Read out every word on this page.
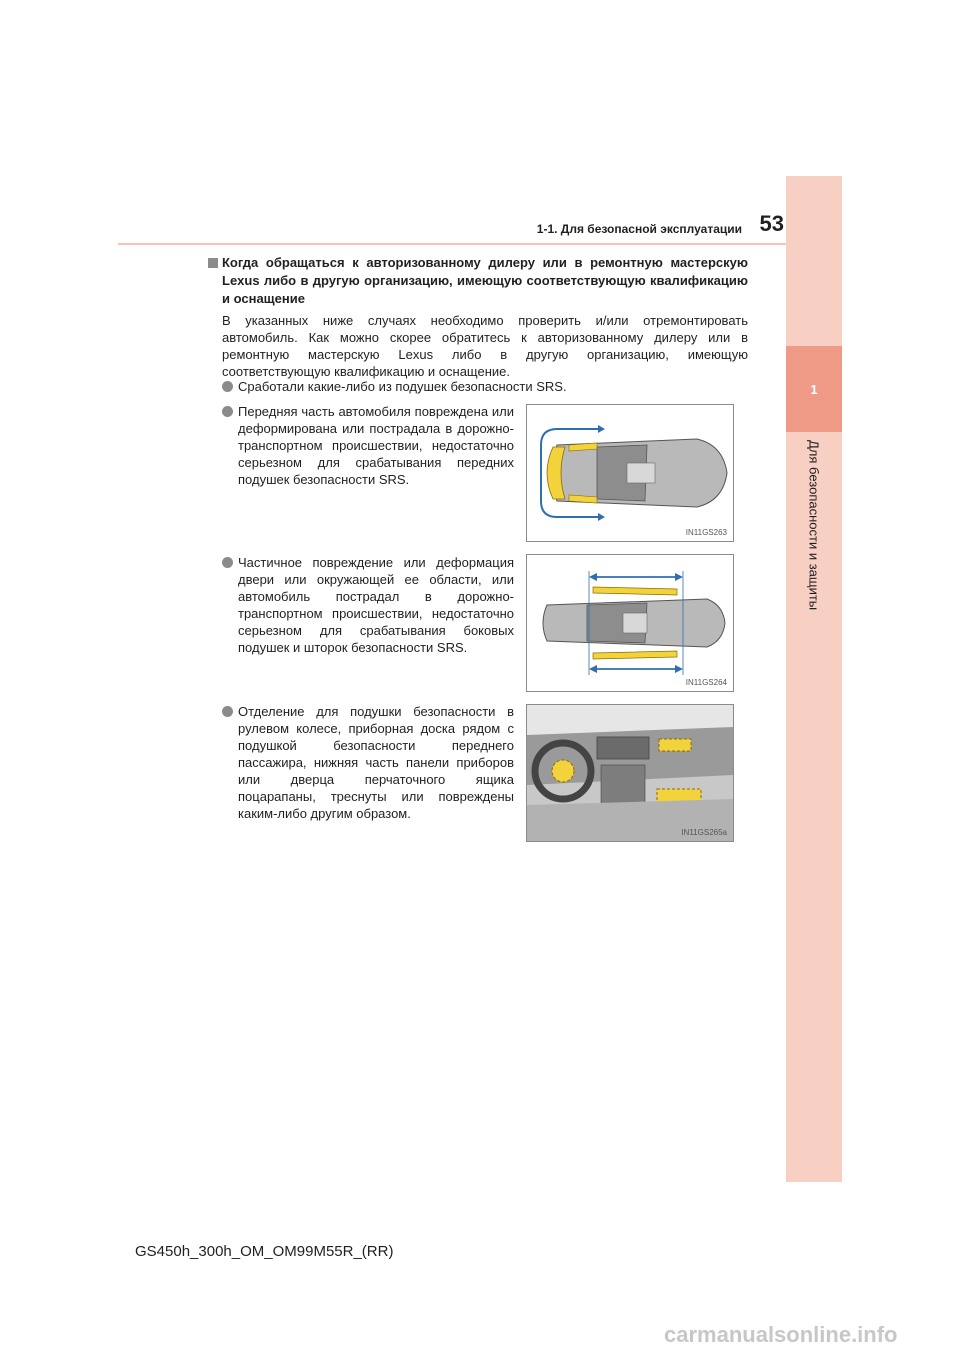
1
Для безопасности и защиты
1-1. Для безопасной эксплуатации 53
Когда обращаться к авторизованному дилеру или в ремонтную мастерскую Lexus либо в другую организацию, имеющую соответствующую квалификацию и оснащение
В указанных ниже случаях необходимо проверить и/или отремонтировать автомобиль. Как можно скорее обратитесь к авторизованному дилеру или в ремонтную мастерскую Lexus либо в другую организацию, имеющую соответствующую квалификацию и оснащение.
Сработали какие-либо из подушек безопасности SRS.
Передняя часть автомобиля повреждена или деформирована или пострадала в дорожно-транспортном происшествии, недостаточно серьезном для срабатывания передних подушек безопасности SRS.
IN11GS263
Частичное повреждение или деформация двери или окружающей ее области, или автомобиль пострадал в дорожно-транспортном происшествии, недостаточно серьезном для срабатывания боковых подушек и шторок безопасности SRS.
IN11GS264
Отделение для подушки безопасности в рулевом колесе, приборная доска рядом с подушкой безопасности переднего пассажира, нижняя часть панели приборов или дверца перчаточного ящика поцарапаны, треснуты или повреждены каким-либо другим образом.
IN11GS265a
GS450h_300h_OM_OM99M55R_(RR)
carmanualsonline.info
